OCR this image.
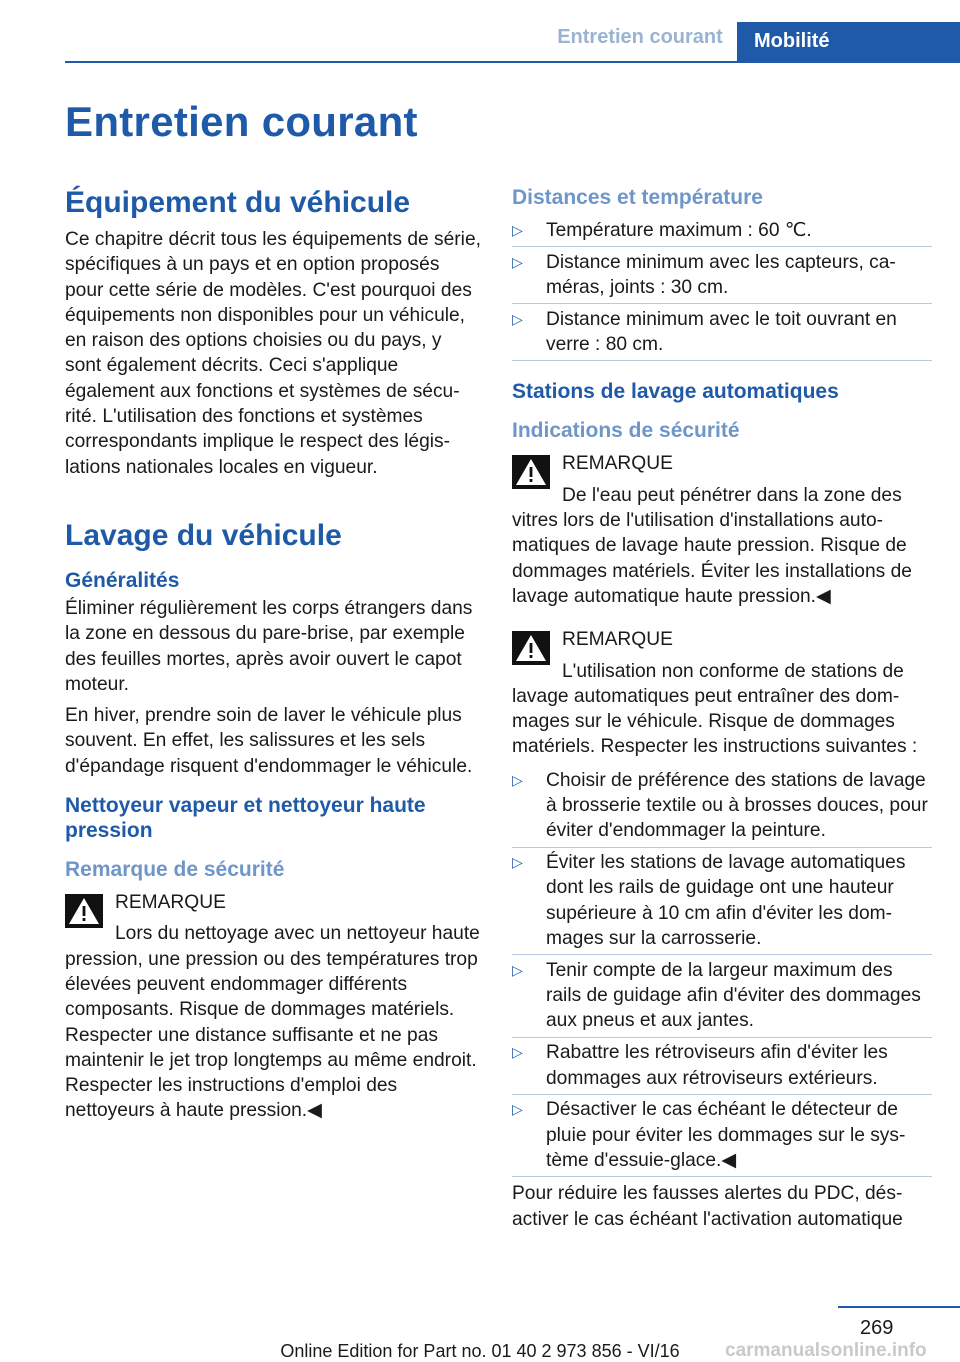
Entretien courant	Mobilité
Entretien courant
Équipement du véhicule

Ce chapitre décrit tous les équipements de série, spécifiques à un pays et en option proposés pour cette série de modèles. C'est pourquoi des équipements non disponibles pour un véhicule, en raison des options choisies ou du pays, y sont également décrits. Ceci s'applique également aux fonctions et systèmes de sécurité. L'utilisation des fonctions et systèmes correspondants implique le respect des législations nationales locales en vigueur.

Lavage du véhicule
Généralités

Éliminer régulièrement les corps étrangers dans la zone en dessous du pare-brise, par exemple des feuilles mortes, après avoir ouvert le capot moteur.

En hiver, prendre soin de laver le véhicule plus souvent. En effet, les salissures et les sels d'épandage risquent d'endommager le véhicule.

Nettoyeur vapeur et nettoyeur haute pression
Remarque de sécurité
REMARQUE

Lors du nettoyage avec un nettoyeur haute pression, une pression ou des températures trop élevées peuvent endommager différents composants. Risque de dommages matériels. Respecter une distance suffisante et ne pas maintenir le jet trop longtemps au même endroit. Respecter les instructions d'emploi des nettoyeurs à haute pression.◀

Distances et température
▷ Température maximum : 60 ℃.
▷ Distance minimum avec les capteurs, caméras, joints : 30 cm.
▷ Distance minimum avec le toit ouvrant en verre : 80 cm.
Stations de lavage automatiques
Indications de sécurité
REMARQUE

De l'eau peut pénétrer dans la zone des vitres lors de l'utilisation d'installations automatiques de lavage haute pression. Risque de dommages matériels. Éviter les installations de lavage automatique haute pression.◀

REMARQUE

L'utilisation non conforme de stations de lavage automatiques peut entraîner des dommages sur le véhicule. Risque de dommages matériels. Respecter les instructions suivantes :

▷ Choisir de préférence des stations de lavage à brosserie textile ou à brosses douces, pour éviter d'endommager la peinture.
▷ Éviter les stations de lavage automatiques dont les rails de guidage ont une hauteur supérieure à 10 cm afin d'éviter les dommages sur la carrosserie.
▷ Tenir compte de la largeur maximum des rails de guidage afin d'éviter des dommages aux pneus et aux jantes.
▷ Rabattre les rétroviseurs afin d'éviter les dommages aux rétroviseurs extérieurs.
▷ Désactiver le cas échéant le détecteur de pluie pour éviter les dommages sur le système d'essuie-glace.◀

Pour réduire les fausses alertes du PDC, désactiver le cas échéant l'activation automatique

269
Online Edition for Part no. 01 40 2 973 856 - VI/16	carmanualsonline.info
